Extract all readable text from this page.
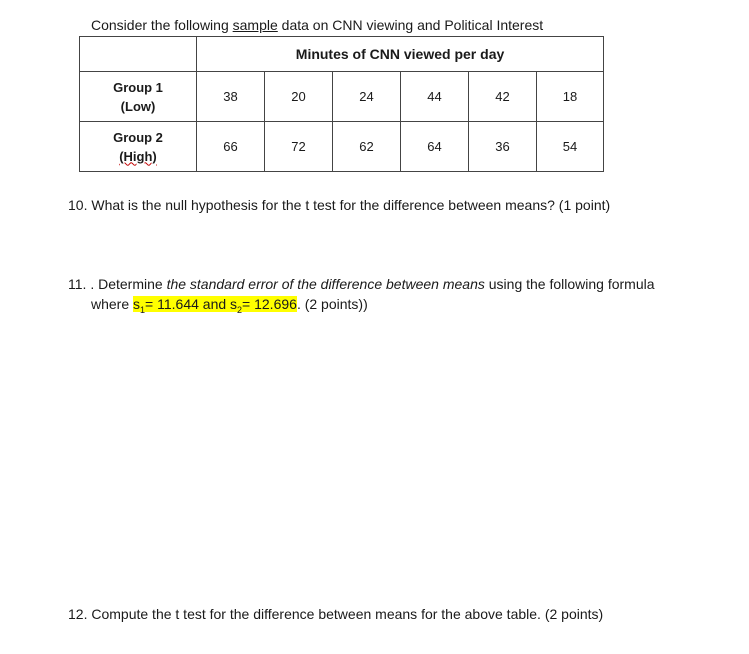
Consider the following sample data on CNN viewing and Political Interest
	Minutes of CNN viewed per day					

Group 1
(Low)	38	20	24	44	42	18

Group 2
(High)	66	72	62	64	36	54
10. What is the null hypothesis for the t test for the difference between means? (1 point)
11. . Determine the standard error of the difference between means using the following formula
where $s_1= 11.644$ and $s_2= 12.696$. (2 points))
12. Compute the t test for the difference between means for the above table. (2 points)
